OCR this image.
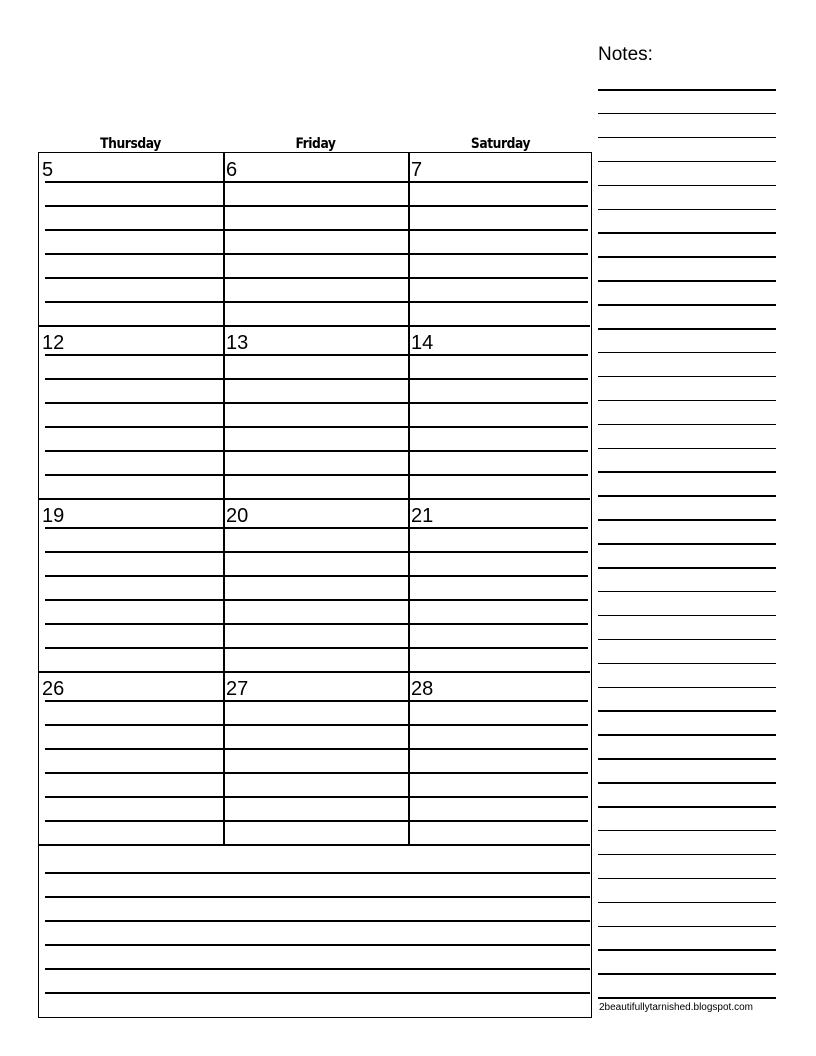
Notes:
Thursday	Friday	Saturday
5	6	7
12	13	14
19	20	21
26	27	28
2beautifullytarnished.blogspot.com
